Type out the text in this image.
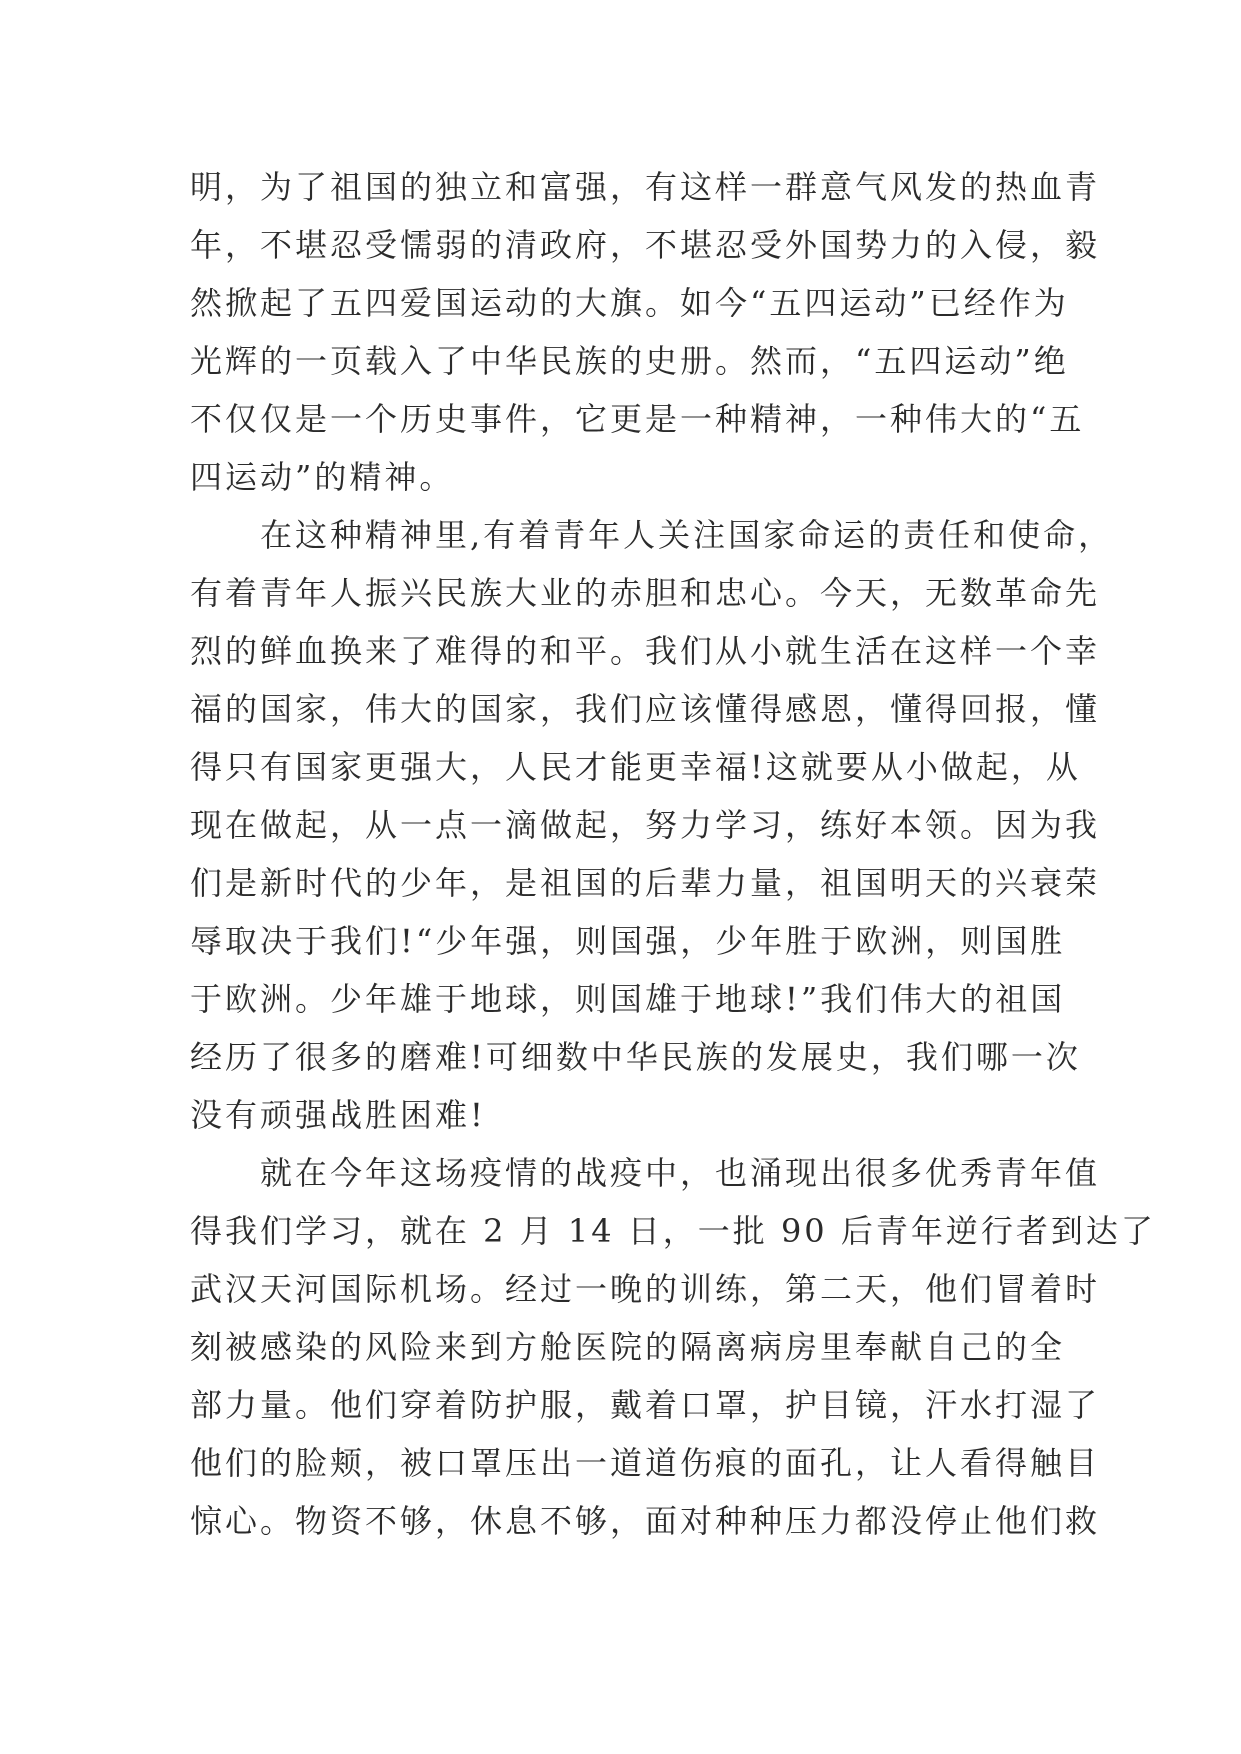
明，为了祖国的独立和富强，有这样一群意气风发的热血青
年，不堪忍受懦弱的清政府，不堪忍受外国势力的入侵，毅
然掀起了五四爱国运动的大旗。如今“五四运动”已经作为
光辉的一页载入了中华民族的史册。然而，“五四运动”绝
不仅仅是一个历史事件，它更是一种精神，一种伟大的“五
四运动”的精神。
　　在这种精神里,有着青年人关注国家命运的责任和使命，
有着青年人振兴民族大业的赤胆和忠心。今天，无数革命先
烈的鲜血换来了难得的和平。我们从小就生活在这样一个幸
福的国家，伟大的国家，我们应该懂得感恩，懂得回报，懂
得只有国家更强大，人民才能更幸福!这就要从小做起，从
现在做起，从一点一滴做起，努力学习，练好本领。因为我
们是新时代的少年，是祖国的后辈力量，祖国明天的兴衰荣
辱取决于我们!“少年强，则国强，少年胜于欧洲，则国胜
于欧洲。少年雄于地球，则国雄于地球!”我们伟大的祖国
经历了很多的磨难!可细数中华民族的发展史，我们哪一次
没有顽强战胜困难!
　　就在今年这场疫情的战疫中，也涌现出很多优秀青年值
得我们学习，就在 2 月 14 日，一批 90 后青年逆行者到达了
武汉天河国际机场。经过一晚的训练，第二天，他们冒着时
刻被感染的风险来到方舱医院的隔离病房里奉献自己的全
部力量。他们穿着防护服，戴着口罩，护目镜，汗水打湿了
他们的脸颊，被口罩压出一道道伤痕的面孔，让人看得触目
惊心。物资不够，休息不够，面对种种压力都没停止他们救
